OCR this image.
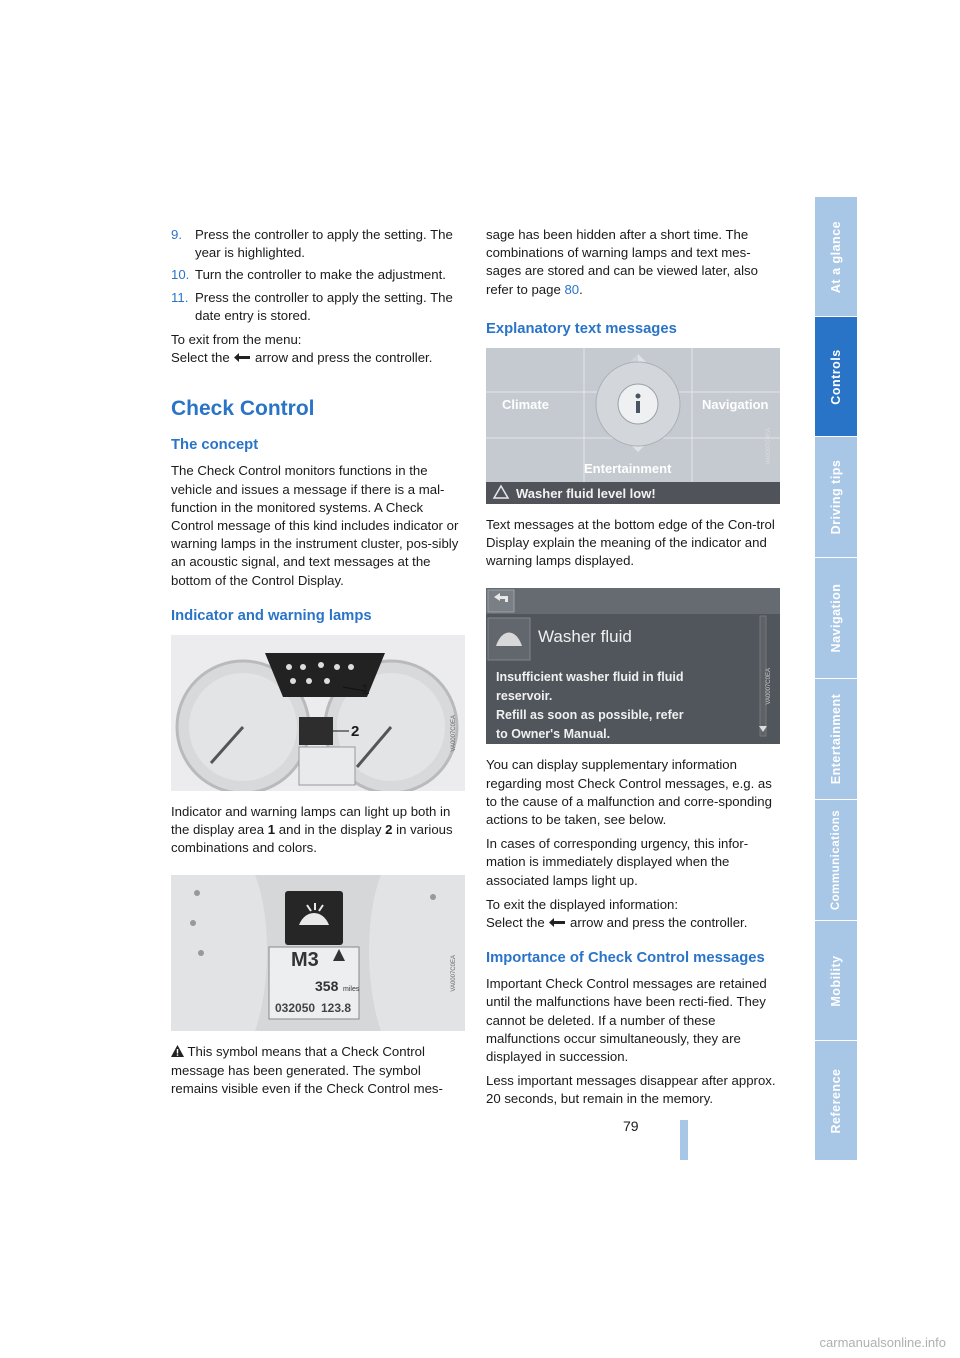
9. Press the controller to apply the setting. The year is highlighted.
10. Turn the controller to make the adjustment.
11. Press the controller to apply the setting. The date entry is stored.

To exit from the menu:
Select the arrow and press the controller.

Check Control
The concept

The Check Control monitors functions in the vehicle and issues a message if there is a mal-function in the monitored systems. A Check Control message of this kind includes indicator or warning lamps in the instrument cluster, pos-sibly an acoustic signal, and text messages at the bottom of the Control Display.

Indicator and warning lamps
1
2	VA0007C0EA

Indicator and warning lamps can light up both in the display area 1 and in the display 2 in various combinations and colors.

M3
358 miles
032050 123.8
VA0007C0EA

This symbol means that a Check Control message has been generated. The symbol remains visible even if the Check Control mes-

sage has been hidden after a short time. The combinations of warning lamps and text mes-sages are stored and can be viewed later, also refer to page 80.

Explanatory text messages
Climate	Navigation
Entertainment
Washer fluid level low!
VA0007C0EA

Text messages at the bottom edge of the Con-trol Display explain the meaning of the indicator and warning lamps displayed.

Washer fluid
Insufficient washer fluid in fluid
reservoir.
Refill as soon as possible, refer
to Owner's Manual.
VA0007C0EA

You can display supplementary information regarding most Check Control messages, e.g. as to the cause of a malfunction and corre-sponding actions to be taken, see below.

In cases of corresponding urgency, this infor-mation is immediately displayed when the associated lamps light up.

To exit the displayed information:
Select the arrow and press the controller.

Importance of Check Control messages

Important Check Control messages are retained until the malfunctions have been recti-fied. They cannot be deleted. If a number of these malfunctions occur simultaneously, they are displayed in succession.

Less important messages disappear after approx. 20 seconds, but remain in the memory.

At a glance
Controls
Driving tips
Navigation
Entertainment
Communications
Mobility
Reference
79
carmanualsonline.info
